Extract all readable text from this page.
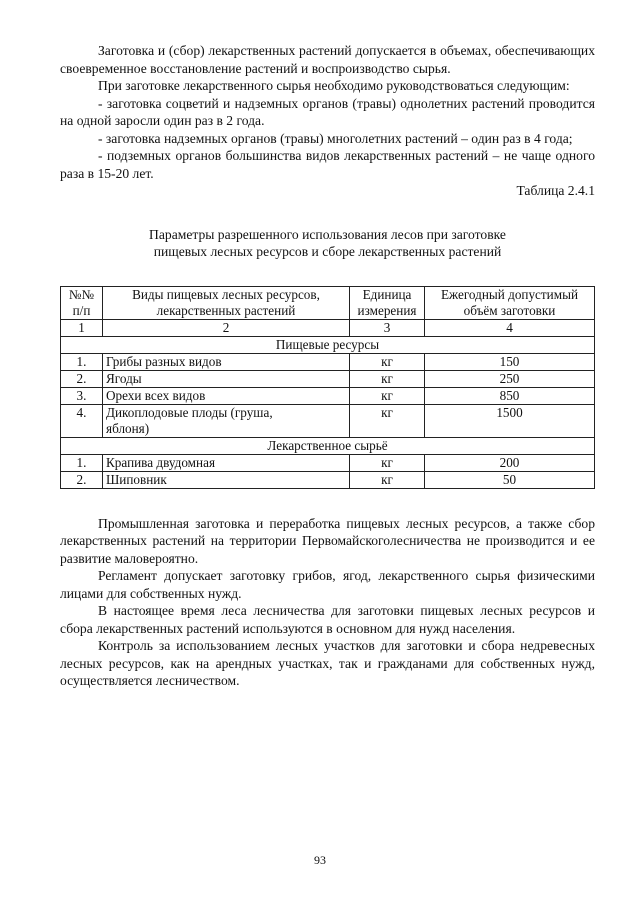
Заготовка и (сбор) лекарственных растений допускается в объемах, обеспечивающих своевременное восстановление растений и воспроизводство сырья.

При заготовке лекарственного сырья необходимо руководствоваться следующим:

- заготовка соцветий и надземных органов (травы) однолетних растений проводится на одной заросли один раз в 2 года.

- заготовка надземных органов (травы) многолетних растений – один раз в 4 года;

- подземных органов большинства видов лекарственных растений – не чаще одного раза в 15-20 лет.

Таблица 2.4.1

Параметры разрешенного использования лесов при заготовке
пищевых лесных ресурсов и сборе лекарственных растений
№№ п/п	Виды пищевых лесных ресурсов, лекарственных растений	Единица измерения	Ежегодный допустимый объём заготовки
1	2	3	4
Пищевые ресурсы			
1.	Грибы разных видов	кг	150
2.	Ягоды	кг	250
3.	Орехи всех видов	кг	850
4.	Дикоплодовые плоды (груша, яблоня)	кг	1500
Лекарственное сырьё			
1.	Крапива двудомная	кг	200
2.	Шиповник	кг	50

Промышленная заготовка и переработка пищевых лесных ресурсов, а также сбор лекарственных растений на территории Первомайскоголесничества не производится и ее развитие маловероятно.

Регламент допускает заготовку грибов, ягод, лекарственного сырья физическими лицами для собственных нужд.

В настоящее время леса лесничества для заготовки пищевых лесных ресурсов и сбора лекарственных растений используются в основном для нужд населения.

Контроль за использованием лесных участков для заготовки и сбора недревесных лесных ресурсов, как на арендных участках, так и гражданами для собственных нужд, осуществляется лесничеством.

93
